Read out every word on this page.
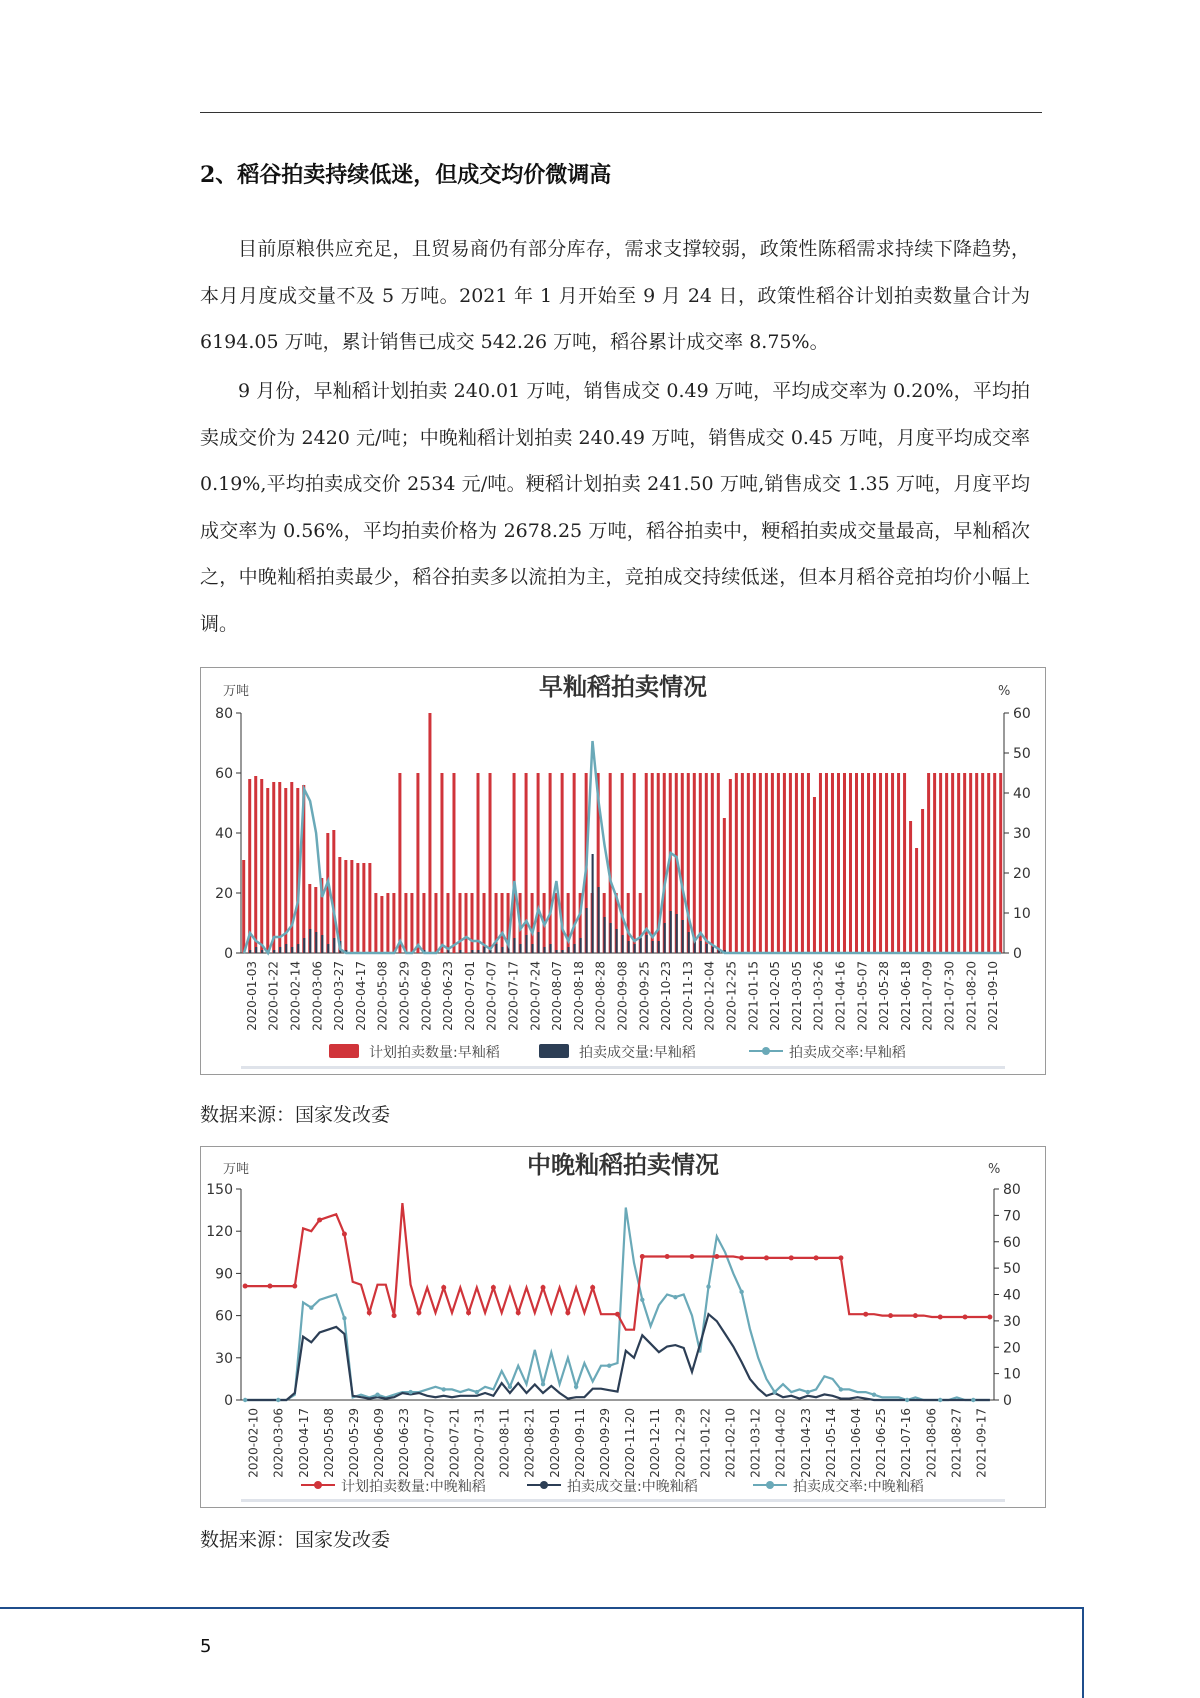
2、稻谷拍卖持续低迷，但成交均价微调高

目前原粮供应充足，且贸易商仍有部分库存，需求支撑较弱，政策性陈稻需求持续下降趋势，本月月度成交量不及 5 万吨。2021 年 1 月开始至 9 月 24 日，政策性稻谷计划拍卖数量合计为 6194.05 万吨，累计销售已成交 542.26 万吨，稻谷累计成交率 8.75%。

9 月份，早籼稻计划拍卖 240.01 万吨，销售成交 0.49 万吨，平均成交率为 0.20%，平均拍卖成交价为 2420 元/吨；中晚籼稻计划拍卖 240.49 万吨，销售成交 0.45 万吨，月度平均成交率 0.19%,平均拍卖成交价 2534 元/吨。粳稻计划拍卖 241.50 万吨,销售成交 1.35 万吨，月度平均成交率为 0.56%，平均拍卖价格为 2678.25 万吨，稻谷拍卖中，粳稻拍卖成交量最高，早籼稻次之，中晚籼稻拍卖最少，稻谷拍卖多以流拍为主，竞拍成交持续低迷，但本月稻谷竞拍均价小幅上调。

早籼稻拍卖情况
万吨	%
0
20
40
60
80
0
10
20
30
40
50
60
2020-01-03 2020-01-22 2020-02-14 2020-03-06 2020-03-27 2020-04-17 2020-05-08 2020-05-29 2020-06-09 2020-06-23 2020-07-01 2020-07-07 2020-07-17 2020-07-24 2020-08-07 2020-08-18 2020-08-28 2020-09-08 2020-09-25 2020-10-23 2020-11-13 2020-12-04 2020-12-25 2021-01-15 2021-02-05 2021-03-05 2021-03-26 2021-04-16 2021-05-07 2021-05-28 2021-06-18 2021-07-09 2021-07-30 2021-08-20 2021-09-10
计划拍卖数量:早籼稻	拍卖成交量:早籼稻	拍卖成交率:早籼稻
数据来源：国家发改委
中晚籼稻拍卖情况
万吨	%
0
30
60
90
120
150
0
10
20
30
40
50
60
70
80
2020-02-10 2020-03-06 2020-04-17 2020-05-08 2020-05-29 2020-06-09 2020-06-23 2020-07-07 2020-07-21 2020-07-31 2020-08-11 2020-08-21 2020-09-01 2020-09-11 2020-09-29 2020-11-20 2020-12-11 2020-12-29 2021-01-22 2021-02-10 2021-03-12 2021-04-02 2021-04-23 2021-05-14 2021-06-04 2021-06-25 2021-07-16 2021-08-06 2021-08-27 2021-09-17
计划拍卖数量:中晚籼稻	拍卖成交量:中晚籼稻	拍卖成交率:中晚籼稻
数据来源：国家发改委
5
